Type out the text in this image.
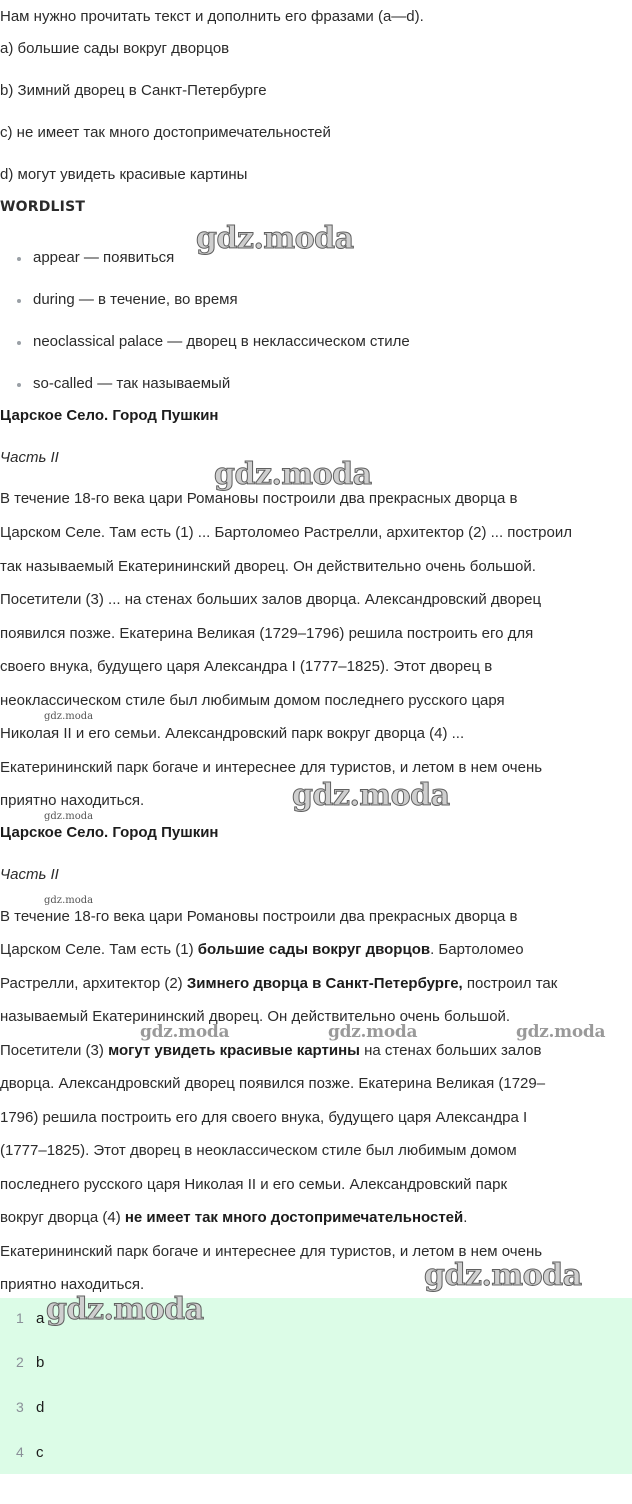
Нам нужно прочитать текст и дополнить его фразами (a—d).
a) большие сады вокруг дворцов
b) Зимний дворец в Санкт-Петербурге
c) не имеет так много достопримечательностей
d) могут увидеть красивые картины
WORDLIST
appear — появиться
during — в течение, во время
neoclassical palace — дворец в неклассическом стиле
so-called — так называемый
Царское Село. Город Пушкин
Часть II
В течение 18-го века цари Романовы построили два прекрасных дворца в
Царском Селе. Там есть (1) ... Бартоломео Растрелли, архитектор (2) ... построил
так называемый Екатерининский дворец. Он действительно очень большой.
Посетители (3) ... на стенах больших залов дворца. Александровский дворец
появился позже. Екатерина Великая (1729–1796) решила построить его для
своего внука, будущего царя Александра I (1777–1825). Этот дворец в
неоклассическом стиле был любимым домом последнего русского царя
Николая II и его семьи. Александровский парк вокруг дворца (4) ...
Екатерининский парк богаче и интереснее для туристов, и летом в нем очень
приятно находиться.
Царское Село. Город Пушкин
Часть II
В течение 18-го века цари Романовы построили два прекрасных дворца в
Царском Селе. Там есть (1) большие сады вокруг дворцов. Бартоломео
Растрелли, архитектор (2) Зимнего дворца в Санкт-Петербурге, построил так
называемый Екатерининский дворец. Он действительно очень большой.
Посетители (3) могут увидеть красивые картины на стенах больших залов
дворца. Александровский дворец появился позже. Екатерина Великая (1729–
1796) решила построить его для своего внука, будущего царя Александра I
(1777–1825). Этот дворец в неоклассическом стиле был любимым домом
последнего русского царя Николая II и его семьи. Александровский парк
вокруг дворца (4) не имеет так много достопримечательностей.
Екатерининский парк богаче и интереснее для туристов, и летом в нем очень
приятно находиться.
1 a
2 b
3 d
4 c
gdz.moda
gdz.moda
gdz.moda
gdz.moda
gdz.moda
gdz.moda
gdz.moda	gdz.moda	gdz.moda
gdz.moda
gdz.moda
